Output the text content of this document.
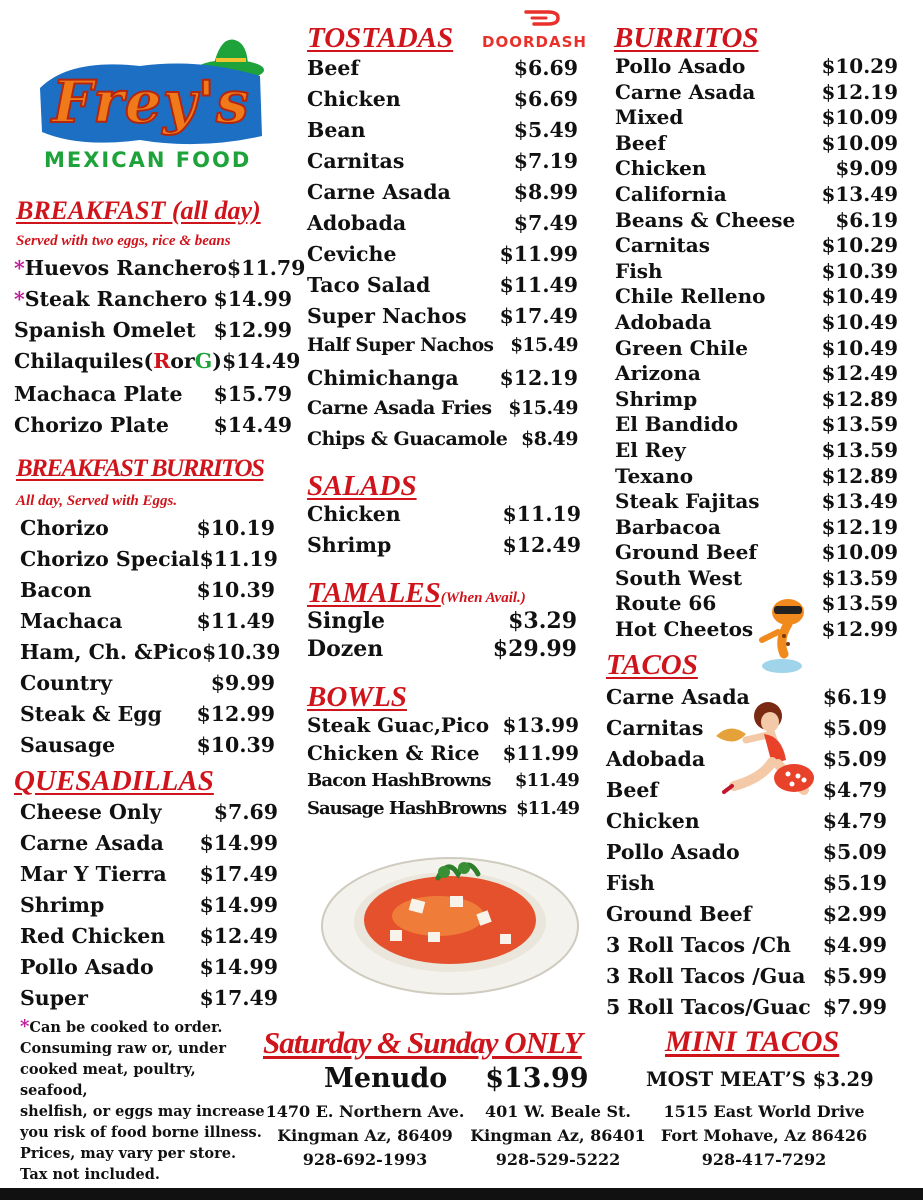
Frey's
MEXICAN FOOD
DOORDASH
BREAKFAST (all day)
Served with two eggs, rice & beans
*Huevos Ranchero $11.79
*Steak Ranchero $14.99
Spanish Omelet $12.99
Chilaquiles(RorG) $14.49
Machaca Plate $15.79
Chorizo Plate $14.49
BREAKFAST BURRITOS
All day, Served with Eggs.
Chorizo	$10.19
Chorizo Special $11.19
Bacon	$10.39
Machaca	$11.49
Ham, Ch. &Pico $10.39
Country	$9.99
Steak & Egg $12.99
Sausage	$10.39
QUESADILLAS
Cheese Only	$7.69
Carne Asada $14.99
Mar Y Tierra $17.49
Shrimp	$14.99
Red Chicken $12.49
Pollo Asado $14.99
Super	$17.49
*Can be cooked to order.
Consuming raw or, under
cooked meat, poultry, seafood,
shelfish, or eggs may increase
you risk of food borne illness.
Prices, may vary per store.
Tax not included.
TOSTADAS
Beef	$6.69
Chicken	$6.69
Bean	$5.49
Carnitas	$7.19
Carne Asada	$8.99
Adobada	$7.49
Ceviche	$11.99
Taco Salad	$11.49
Super Nachos $17.49
Half Super Nachos $15.49
Chimichanga $12.19
Carne Asada Fries $15.49
Chips & Guacamole $8.49
SALADS
Chicken	$11.19
Shrimp	$12.49
TAMALES(When Avail.)
Single	$3.29
Dozen	$29.99
BOWLS
Steak Guac,Pico $13.99
Chicken & Rice $11.99
Bacon HashBrowns $11.49
Sausage HashBrowns $11.49
BURRITOS
Pollo Asado	$10.29
Carne Asada	$12.19
Mixed	$10.09
Beef	$10.09
Chicken	$9.09
California	$13.49
Beans & Cheese $6.19
Carnitas	$10.29
Fish	$10.39
Chile Relleno	$10.49
Adobada	$10.49
Green Chile	$10.49
Arizona	$12.49
Shrimp	$12.89
El Bandido	$13.59
El Rey	$13.59
Texano	$12.89
Steak Fajitas	$13.49
Barbacoa	$12.19
Ground Beef	$10.09
South West	$13.59
Route 66	$13.59
Hot Cheetos	$12.99
TACOS
Carne Asada	$6.19
Carnitas	$5.09
Adobada	$5.09
Beef	$4.79
Chicken	$4.79
Pollo Asado	$5.09
Fish	$5.19
Ground Beef	$2.99
3 Roll Tacos /Ch $4.99
3 Roll Tacos /Gua $5.99
5 Roll Tacos/Guac $7.99
Saturday & Sunday ONLY
Menudo $13.99
MINI TACOS
MOST MEAT’S $3.29
1470 E. Northern Ave.
Kingman Az, 86409
928-692-1993
401 W. Beale St.
Kingman Az, 86401
928-529-5222
1515 East World Drive
Fort Mohave, Az 86426
928-417-7292
